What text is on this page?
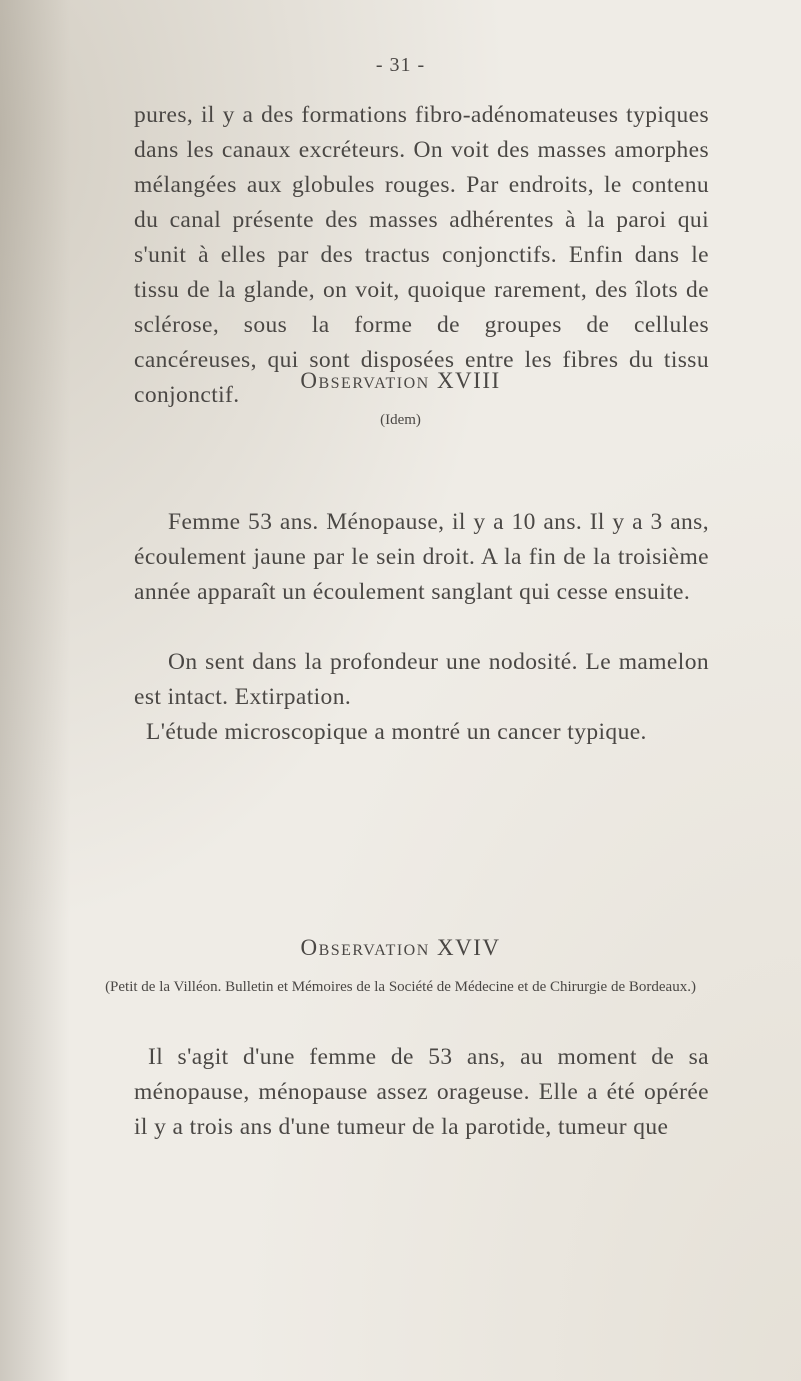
- 31 -

pures, il y a des formations fibro-adénomateuses typiques dans les canaux excréteurs. On voit des masses amorphes mélangées aux globules rouges. Par endroits, le contenu du canal présente des masses adhérentes à la paroi qui s'unit à elles par des tractus conjonctifs. Enfin dans le tissu de la glande, on voit, quoique rarement, des îlots de sclérose, sous la forme de groupes de cellules cancéreuses, qui sont disposées entre les fibres du tissu conjonctif.

Observation XVIII
(Idem)

Femme 53 ans. Ménopause, il y a 10 ans. Il y a 3 ans, écoulement jaune par le sein droit. A la fin de la troisième année apparaît un écoulement sanglant qui cesse ensuite.

On sent dans la profondeur une nodosité. Le mamelon est intact. Extirpation.

L'étude microscopique a montré un cancer typique.

Observation XVIV
(Petit de la Villéon. Bulletin et Mémoires de la Société de Médecine et de Chirurgie de Bordeaux.)

Il s'agit d'une femme de 53 ans, au moment de sa ménopause, ménopause assez orageuse. Elle a été opérée il y a trois ans d'une tumeur de la parotide, tumeur que
